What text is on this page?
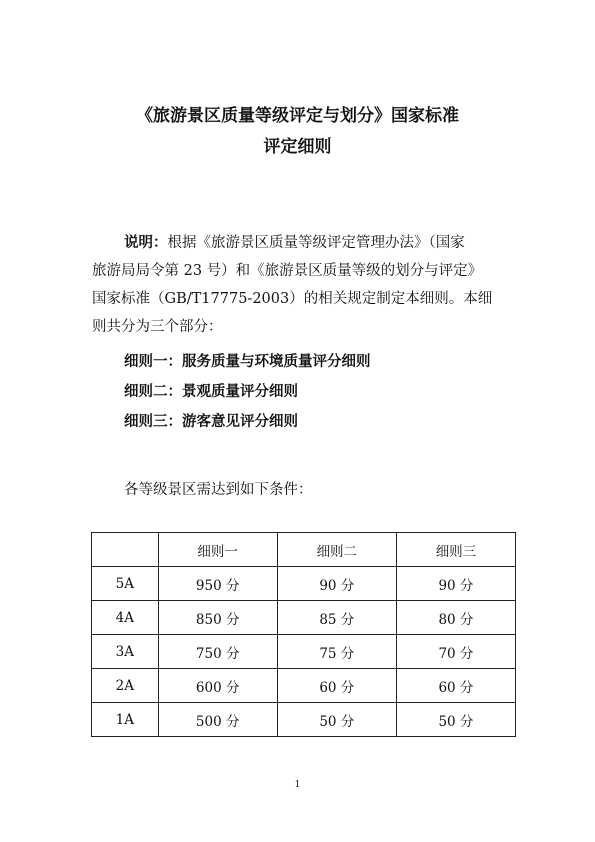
《旅游景区质量等级评定与划分》国家标准
评定细则
说明：根据《旅游景区质量等级评定管理办法》（国家
旅游局局令第 23 号）和《旅游景区质量等级的划分与评定》
国家标准（GB/T17775-2003）的相关规定制定本细则。本细
则共分为三个部分：
细则一：服务质量与环境质量评分细则
细则二：景观质量评分细则
细则三：游客意见评分细则
各等级景区需达到如下条件：
	细则一	细则二	细则三
5A	950 分	90 分	90 分
4A	850 分	85 分	80 分
3A	750 分	75 分	70 分
2A	600 分	60 分	60 分
1A	500 分	50 分	50 分
1
